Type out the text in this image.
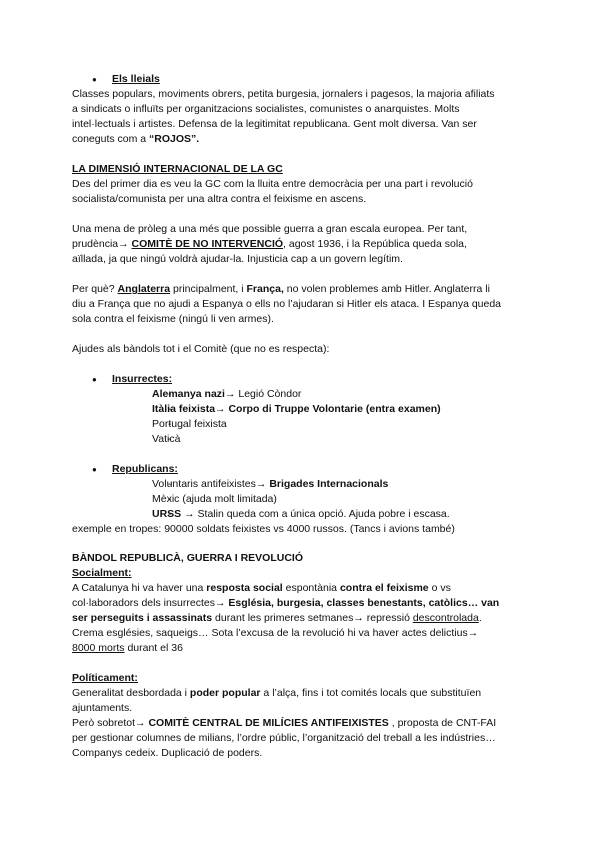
● Els lleials

Classes populars, moviments obrers, petita burgesia, jornalers i pagesos, la majoria afiliats

a sindicats o influïts per organitzacions socialistes, comunistes o anarquistes. Molts

intel·lectuals i artistes. Defensa de la legitimitat republicana. Gent molt diversa. Van ser

coneguts com a “ROJOS”.

LA DIMENSIÓ INTERNACIONAL DE LA GC

Des del primer dia es veu la GC com la lluita entre democràcia per una part i revolució

socialista/comunista per una altra contra el feixisme en ascens.

Una mena de pròleg a una més que possible guerra a gran escala europea. Per tant,

prudència→ COMITÈ DE NO INTERVENCIÓ, agost 1936, i la República queda sola,

aïllada, ja que ningú voldrà ajudar-la. Injusticia cap a un govern legítim.

Per què? Anglaterra principalment, i França, no volen problemes amb Hitler. Anglaterra li

diu a França que no ajudi a Espanya o ells no l’ajudaran si Hitler els ataca. I Espanya queda

sola contra el feixisme (ningú li ven armes).

Ajudes als bàndols tot i el Comitè (que no es respecta):

● Insurrectes:
- Alemanya nazi→ Legió Còndor
- Itàlia feixista→ Corpo di Truppe Volontarie (entra examen)
- Portugal feixista
- Vaticà
● Republicans:
- Voluntaris antifeixistes→ Brigades Internacionals
- Mèxic (ajuda molt limitada)
- URSS → Stalin queda com a única opció. Ajuda pobre i escasa.

exemple en tropes: 90000 soldats feixistes vs 4000 russos. (Tancs i avions també)

BÀNDOL REPUBLICÀ, GUERRA I REVOLUCIÓ

Socialment:

A Catalunya hi va haver una resposta social espontània contra el feixisme o vs

col·laboradors dels insurrectes→ Església, burgesia, classes benestants, catòlics… van

ser perseguits i assassinats durant les primeres setmanes→ repressió descontrolada.

Crema esglésies, saqueigs… Sota l’excusa de la revolució hi va haver actes delictius→

8000 morts durant el 36

Políticament:

Generalitat desbordada i poder popular a l’alça, fins i tot comités locals que substituïen

ajuntaments.

Però sobretot→ COMITÈ CENTRAL DE MILÍCIES ANTIFEIXISTES , proposta de CNT-FAI

per gestionar columnes de milians, l’ordre públic, l’organització del treball a les indústries…

Companys cedeix. Duplicació de poders.
